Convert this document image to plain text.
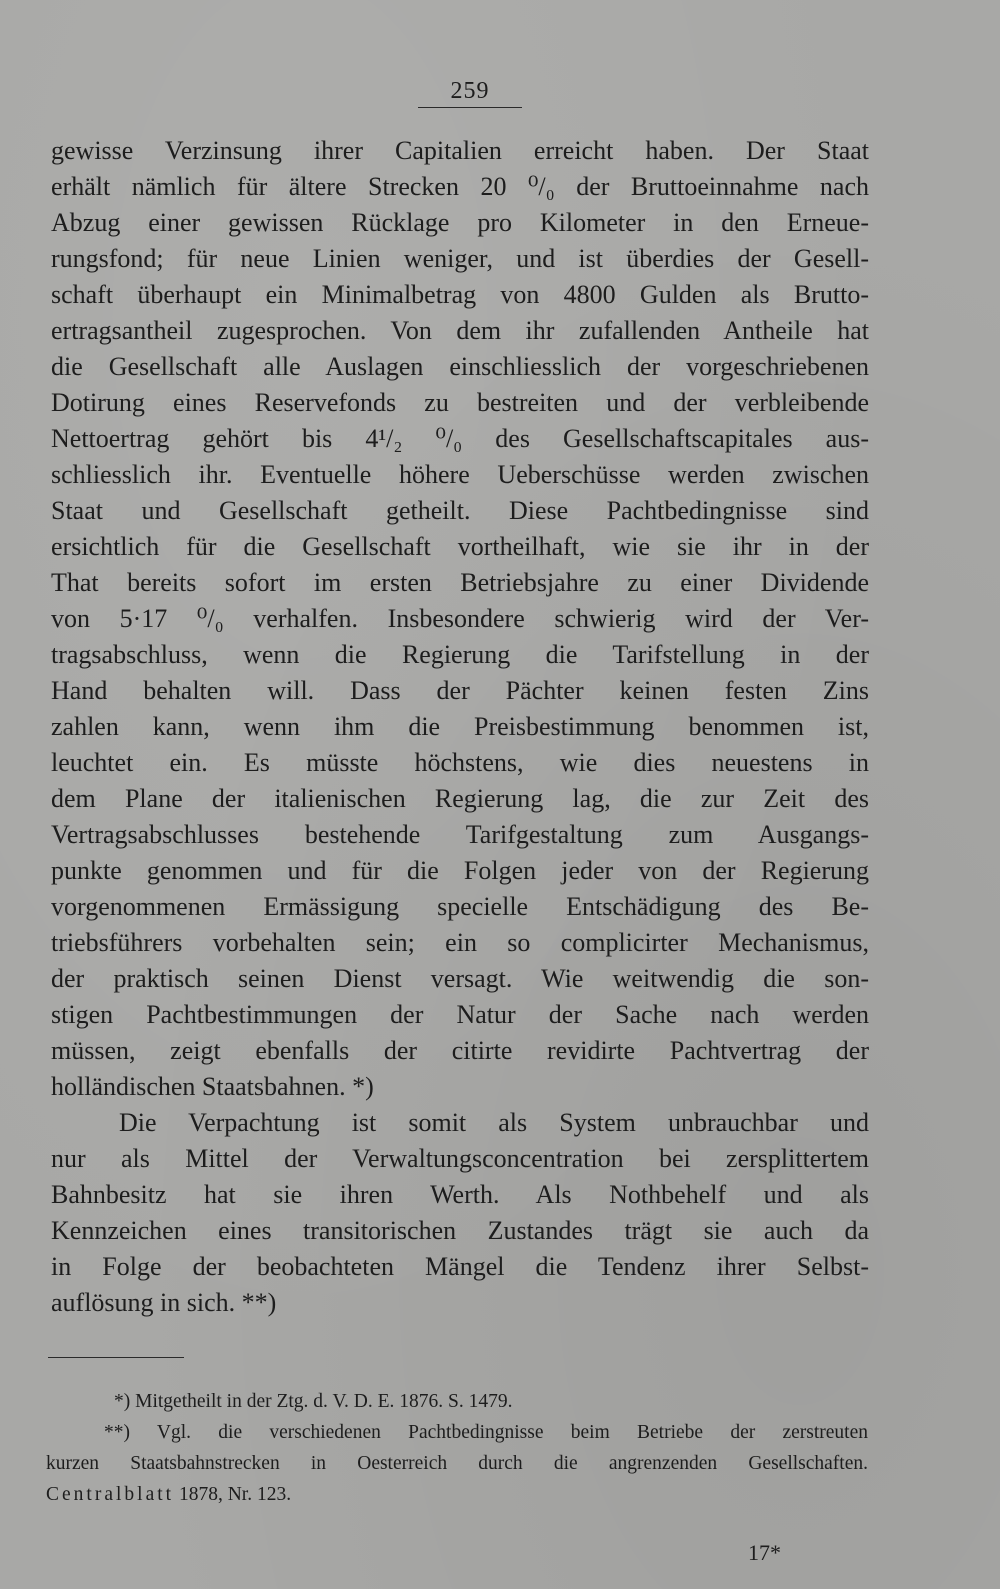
259
gewisse Verzinsung ihrer Capitalien erreicht haben. Der Staat
erhält nämlich für ältere Strecken 20 ⁰/₀ der Bruttoeinnahme nach
Abzug einer gewissen Rücklage pro Kilometer in den Erneue-
rungsfond; für neue Linien weniger, und ist überdies der Gesell-
schaft überhaupt ein Minimalbetrag von 4800 Gulden als Brutto-
ertragsantheil zugesprochen. Von dem ihr zufallenden Antheile hat
die Gesellschaft alle Auslagen einschliesslich der vorgeschriebenen
Dotirung eines Reservefonds zu bestreiten und der verbleibende
Nettoertrag gehört bis 4¹/₂ ⁰/₀ des Gesellschaftscapitales aus-
schliesslich ihr. Eventuelle höhere Ueberschüsse werden zwischen
Staat und Gesellschaft getheilt. Diese Pachtbedingnisse sind
ersichtlich für die Gesellschaft vortheilhaft, wie sie ihr in der
That bereits sofort im ersten Betriebsjahre zu einer Dividende
von 5·17 ⁰/₀ verhalfen. Insbesondere schwierig wird der Ver-
tragsabschluss, wenn die Regierung die Tarifstellung in der
Hand behalten will. Dass der Pächter keinen festen Zins
zahlen kann, wenn ihm die Preisbestimmung benommen ist,
leuchtet ein. Es müsste höchstens, wie dies neuestens in
dem Plane der italienischen Regierung lag, die zur Zeit des
Vertragsabschlusses bestehende Tarifgestaltung zum Ausgangs-
punkte genommen und für die Folgen jeder von der Regierung
vorgenommenen Ermässigung specielle Entschädigung des Be-
triebsführers vorbehalten sein; ein so complicirter Mechanismus,
der praktisch seinen Dienst versagt. Wie weitwendig die son-
stigen Pachtbestimmungen der Natur der Sache nach werden
müssen, zeigt ebenfalls der citirte revidirte Pachtvertrag der
holländischen Staatsbahnen. *)
Die Verpachtung ist somit als System unbrauchbar und
nur als Mittel der Verwaltungsconcentration bei zersplittertem
Bahnbesitz hat sie ihren Werth. Als Nothbehelf und als
Kennzeichen eines transitorischen Zustandes trägt sie auch da
in Folge der beobachteten Mängel die Tendenz ihrer Selbst-
auflösung in sich. **)
*) Mitgetheilt in der Ztg. d. V. D. E. 1876. S. 1479.
**) Vgl. die verschiedenen Pachtbedingnisse beim Betriebe der zerstreuten
kurzen Staatsbahnstrecken in Oesterreich durch die angrenzenden Gesellschaften.
Centralblatt 1878, Nr. 123.
17*
